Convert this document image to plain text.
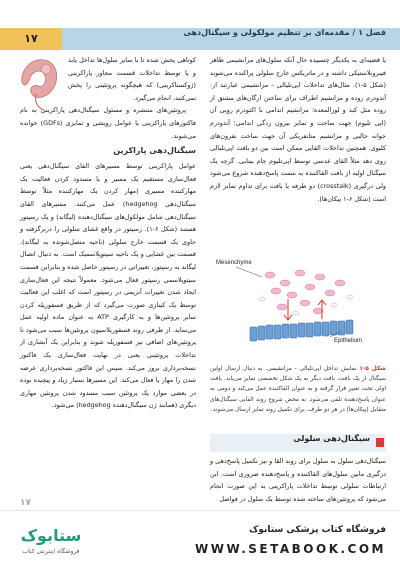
۱۷	فصل ۱ / مقدمه‌ای بر تنظیم مولکولی و سیگنال‌دهی

یا قضیه‌ای به یکدیگر چسبیده حال آنکه سلول‌های مزانشیمی ظاهر فیبروبلاستیکی داشته و در ماتریکس خارج سلولی پراکنده می‌شوند (شکل ۵-۱). مثال‌های تداخلات اپی‌تلیالی - مزانشیمی عبارتند از: آندودرم روده و مزانشیم اطراف برای ساختن ارگان‌های مشتق از روده مثل کبد و لوزالمعده؛ مزانشیم اندامی با اکتودرم رویی آن (اپی تلیوم) جهت ساخت و تمایز بیرون زدگی اندامی؛ آندودرم جوانه حالبی و مزانشیم متانفریکی آن جهت ساخت نفرون‌های کلیوی. همچنین تداخلات القایی ممکن است بین دو بافت اپی‌تلیالی روی دهد مثلاً القای عدسی توسط اپی‌تلیوم جام بینایی. گرچه یک سیگنال اولیه از بافت القاکننده به سمت پاسخ‌دهنده شروع می‌شود ولی درگیری (crosstalk) دو طرفه یا بافت برای تداوم تمایز لازم است (شکل ۶-۱ پیکان‌ها).

Mesenchyme
Epithelium
شکل ۵-۱ نمایش تداخل اپی‌تلیالی - مزانشیمی. به دنبال ارسال اولین سیگنال از یک بافت، بافت دیگر به یک شکل تخصصی تمایز می‌یابد. بافت اولی تحت تغییر قرار گرفته و به عنوان القاکننده عمل می‌کند و دومی به عنوان پاسخ‌دهنده تلقی می‌شود. به محض شروع روند القایی سیگنال‌های متقابل (پیکان‌ها) در هر دو طرف، برای تکمیل روند تمایز ارسال می‌شوند.
سیگنال‌دهی سلولی

سیگنال‌دهی سلول به سلول برای روند القا و نیز تکمیل پاسخ‌دهی و درگیری مابین سلول‌های القاکننده و پاسخ‌دهنده ضروری است. این ارتباطات سلولی توسط تداخلات پاراکرینی به این صورت انجام می‌شود که پروتئین‌های ساخته شده توسط یک سلول در فواصل

کوتاهی پخش شده تا با سایر سلول‌ها تداخل یابد و یا توسط تداخلات قسمت مجاور پاراکرینی (ژوکستاکرینی) که هیچگونه پروتئینی را پخش نمی‌کنند، انجام می‌گیرد.

پروتئین‌های منتشره و مسئول سیگنال‌دهی پاراکرینی به نام فاکتورهای پاراکرینی یا عوامل رویشی و تمایزی (GDFs) خوانده می‌شوند.

سیگنال‌دهی پاراکرین

عوامل پاراکرینی توسط مسیرهای القای سیگنال‌دهی یعنی فعال‌سازی مستقیم یک مسیر و یا مسدود کردن فعالیت یک مهارکننده مسیری (مهار کردن یک مهارکننده مثلاً توسط سیگنال‌دهی hedgehog) عمل می‌کنند. مسیرهای القای سیگنال‌دهی شامل مولکول‌های سیگنال‌دهنده (لیگاند) و یک رسپتور هستند (شکل ۶-۱). رسپتور در واقع غشای سلولی را دربرگرفته و حاوی یک قسمت خارج سلولی (ناحیه متصل‌شونده به لیگاند)، قسمت بین غشایی و یک ناحیه سیتوپلاسمیک است. به دنبال اتصال لیگاند به رسپتور، تغییراتی در رسپتور حاصل شده و بنابراین قسمت سیتوپلاسمی رسپتور فعال می‌شود. معمولاً نتیجه این فعال‌سازی ایجاد شدن تغییرات آنزیمی در رسپتور است که اغلب این فعالیت توسط یک کینازی صورت می‌گیرد که از طریق فسفوریله کردن سایر پروتئین‌ها و به کارگیری ATP به عنوان ماده اولیه عمل می‌نماید. از طرفی روند فسفوریلاسیون پروتئین‌ها سبب می‌شود تا پروتئین‌های اضافی نیز فسفوریله شوند و بنابراین یک آبشاری از تداخلات پروتئینی یعنی در نهایت فعال‌سازی یک فاکتور نسخه‌برداری بروز می‌کند. سپس این فاکتور نسخه‌برداری عرضه شدن را مهار یا فعال می‌کند. این مسیرها بسیار زیاد و پیچیده بوده در بعضی موارد یک پروتئین سبب مسدود شدن پروتئین مهاری دیگری (همانند ژن سیگنال‌دهنده hedgehog) می‌شود.

۱۷
ستابوک
فروشگاه اینترنتی کتاب
فروشگاه کتاب پزشکی ستابوک
WWW.SETABOOK.COM
